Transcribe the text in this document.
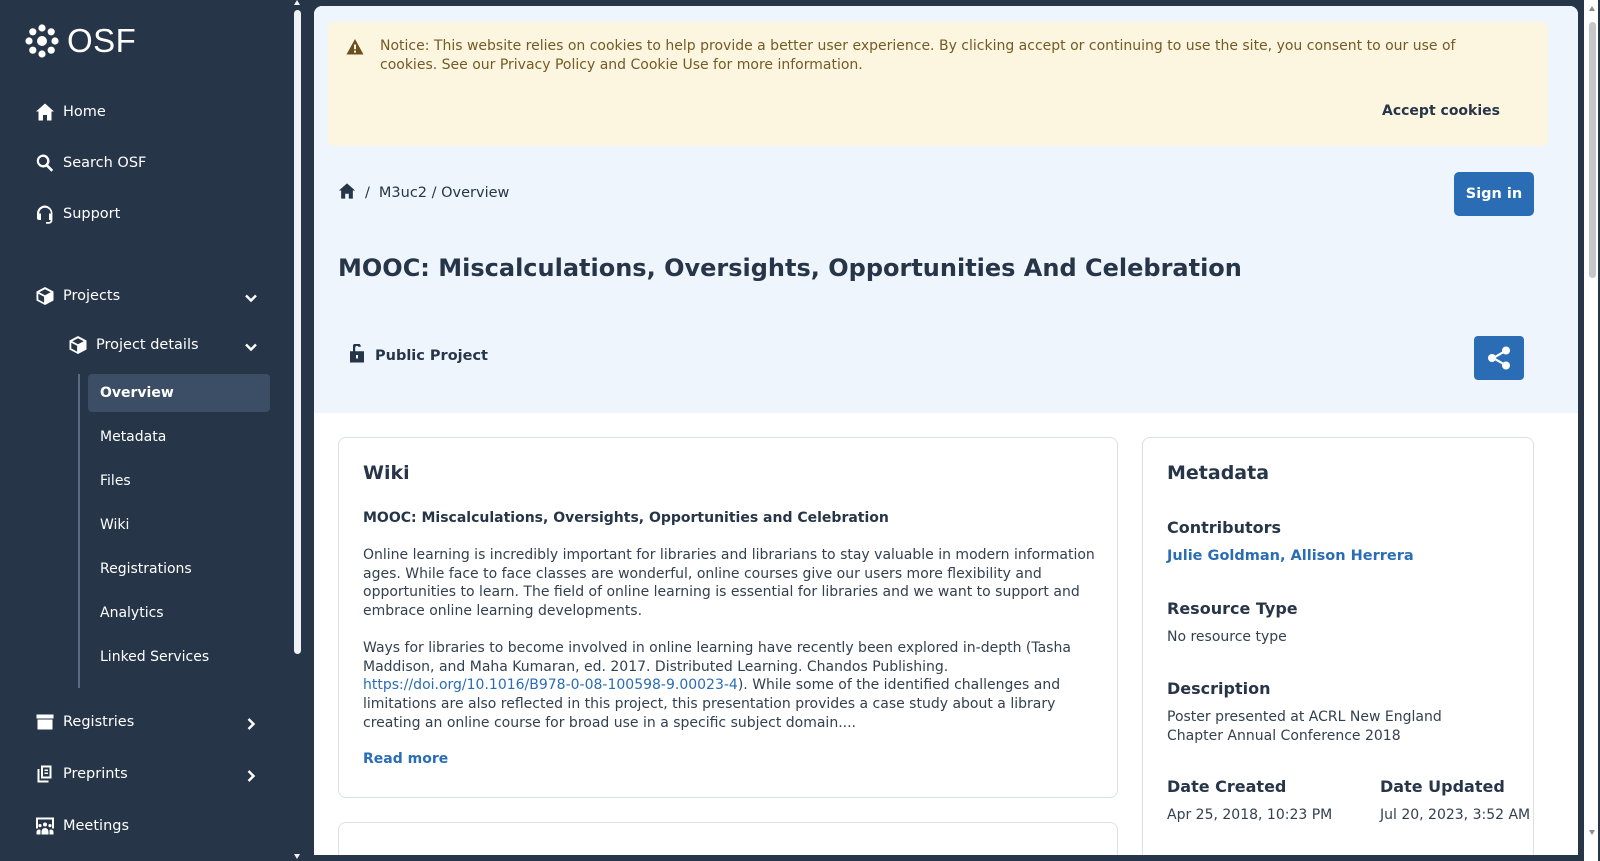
OSF
Home
Search OSF
Support
Projects
Project details
Overview
Metadata
Files
Wiki
Registrations
Analytics
Linked Services
Registries
Preprints
Meetings
Notice: This website relies on cookies to help provide a better user experience. By clicking accept or continuing to use the site, you consent to our use of cookies. See our Privacy Policy and Cookie Use for more information.
Accept cookies
/ M3uc2 / Overview	Sign in
MOOC: Miscalculations, Oversights, Opportunities And Celebration
Public Project
Wiki
MOOC: Miscalculations, Oversights, Opportunities and Celebration

Online learning is incredibly important for libraries and librarians to stay valuable in modern information ages. While face to face classes are wonderful, online courses give our users more flexibility and opportunities to learn. The field of online learning is essential for libraries and we want to support and embrace online learning developments.

Ways for libraries to become involved in online learning have recently been explored in-depth (Tasha Maddison, and Maha Kumaran, ed. 2017. Distributed Learning. Chandos Publishing. https://doi.org/10.1016/B978-0-08-100598-9.00023-4). While some of the identified challenges and limitations are also reflected in this project, this presentation provides a case study about a library creating an online course for broad use in a specific subject domain....

Read more
Metadata
Contributors
Julie Goldman, Allison Herrera
Resource Type
No resource type
Description
Poster presented at ACRL New England Chapter Annual Conference 2018
Date Created
Apr 25, 2018, 10:23 PM
Date Updated
Jul 20, 2023, 3:52 AM
